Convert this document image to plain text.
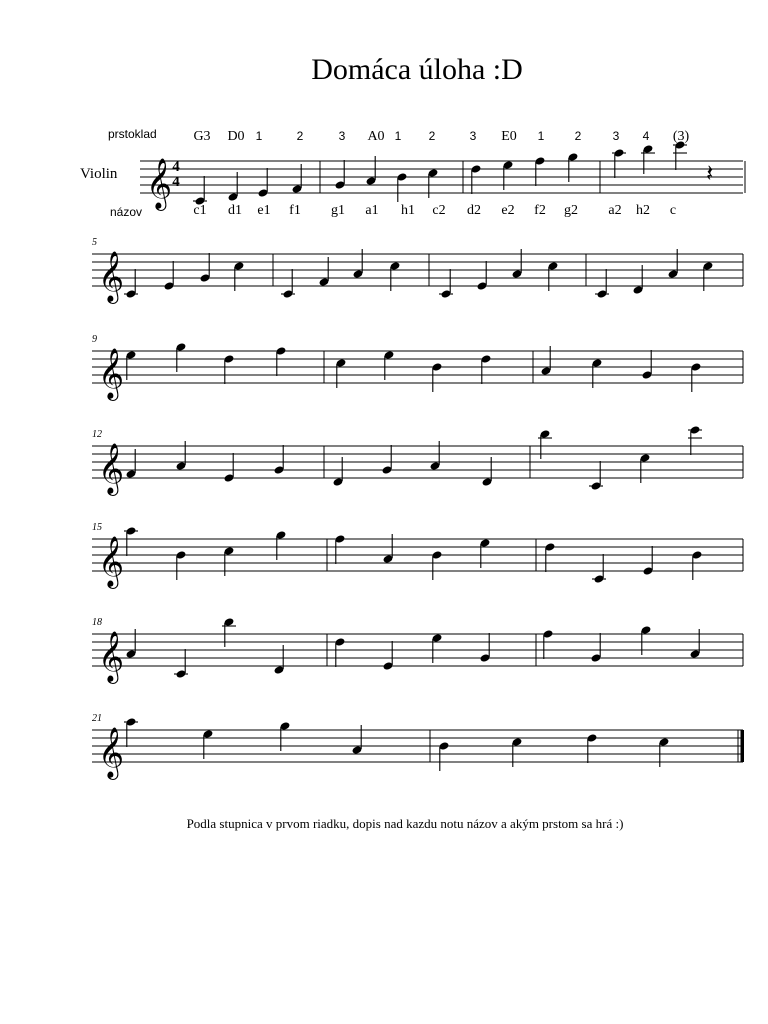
Domáca úloha :D
Violin
prstoklad
názov
4
4
𝄞	𝄽
𝄞
5
𝄞
9
𝄞
12
𝄞
15
𝄞
18
𝄞
21
G3 D0 1	2	3 A0 1 2	3 E0 1	2	3 4 (3)
c1 d1 e1 f1 g1 a1 h1 c2 d2 e2 f2 g2 a2 h2 c
Podla stupnica v prvom riadku, dopis nad kazdu notu názov a akým prstom sa hrá :)
